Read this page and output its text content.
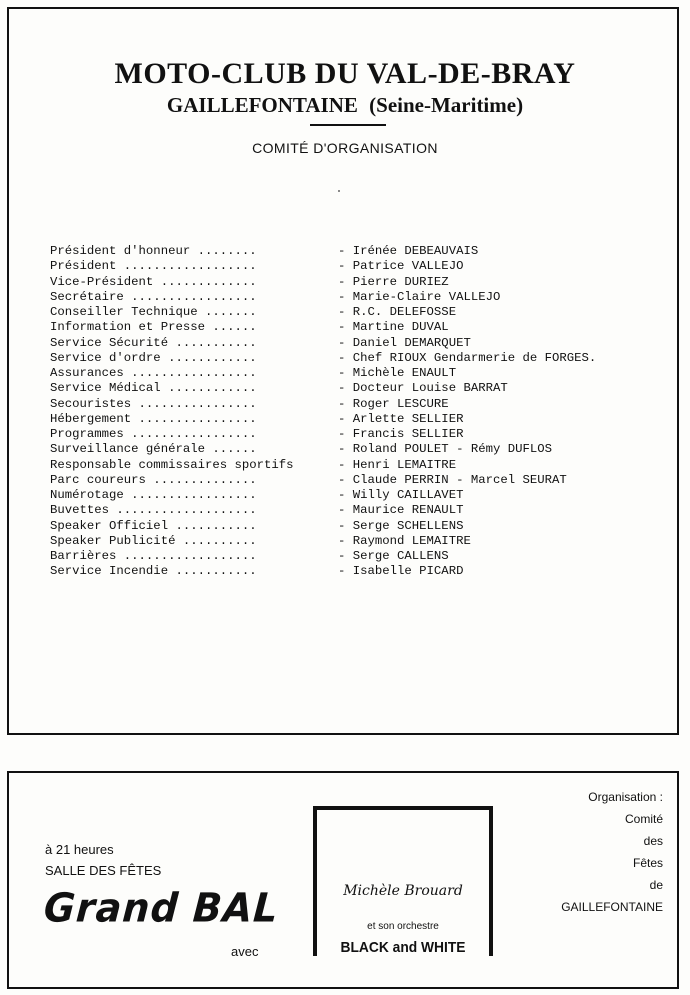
MOTO-CLUB DU VAL-DE-BRAY
GAILLEFONTAINE (Seine-Maritime)
COMITÉ D'ORGANISATION
Président d'honneur ........	- Irénée DEBEAUVAIS
Président ..................	- Patrice VALLEJO
Vice-Président .............	- Pierre DURIEZ
Secrétaire .................	- Marie-Claire VALLEJO
Conseiller Technique .......	- R.C. DELEFOSSE
Information et Presse ......	- Martine DUVAL
Service Sécurité ...........	- Daniel DEMARQUET
Service d'ordre ............	- Chef RIOUX Gendarmerie de FORGES.
Assurances .................	- Michèle ENAULT
Service Médical ............	- Docteur Louise BARRAT
Secouristes ................	- Roger LESCURE
Hébergement ................	- Arlette SELLIER
Programmes .................	- Francis SELLIER
Surveillance générale ......	- Roland POULET - Rémy DUFLOS
Responsable commissaires sportifs	- Henri LEMAITRE
Parc coureurs ..............	- Claude PERRIN - Marcel SEURAT
Numérotage .................	- Willy CAILLAVET
Buvettes ...................	- Maurice RENAULT
Speaker Officiel ...........	- Serge SCHELLENS
Speaker Publicité ..........	- Raymond LEMAITRE
Barrières ..................	- Serge CALLENS
Service Incendie ...........	- Isabelle PICARD
à 21 heures
SALLE DES FÊTES
Grand BAL
avec
Michèle Brouard
et son orchestre
BLACK and WHITE
Organisation :
Comité
des
Fêtes
de
GAILLEFONTAINE
